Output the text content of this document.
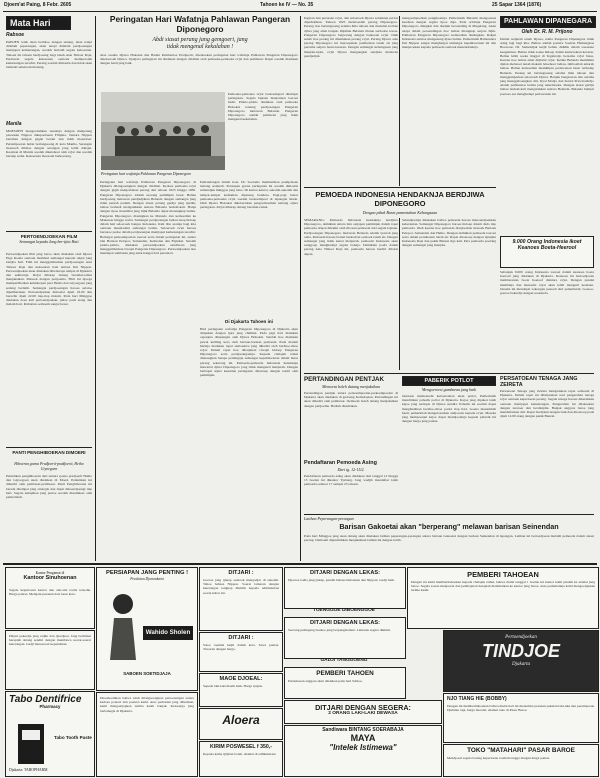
Djoem'at Paing, 8 Febr. 2605	Tahoen ke IV — No. 35	25 Sapar 1364 (1876)
Mata Hari
Rabsoe
PAPOEN telah akan berlaloe dengan tenang, akan tetapi didalam peperangan, akan tetapi didalam perdjoeangan mentjapai kemenangan, soedah berlatih segala kekoeatan. Tahoen ini tahoen berdjoeang bagi tanah Asia Timoer Raja. Peraturan segala kekoeatan oentoek memperoleh kemenangan terachir. Perang soedah dimoelai dan tidak akan berhenti sebeloem menang.
Manila
MOESOEH mengoebahkan siasatnja dengan menjerang pasoekan Nippon dikepoelauan Filipina. Tentara Nippon bertahan dengan gagah berani dan tidak moendoer. Pertempoeran hebat berlangsoeng di kota Manila. Serangan moesoeh dibalas dengan serangan jang lebih dahsjat. Keadaan di Manila soedah diketahoei oleh ra'jat dan soedah bersiap sedia. Kekoeatan moesoeh berkoerang.
PERTOENDJOEKAN FILM
Semangat kepada Jang ber-tjita Hati
Pertoendjoekan film jang baroe akan diadakan oleh Djawa Eiga Kosha oentoek memberi semangat kepada rakjat jang bertjita hati. Film ini menggambarkan perdjoeangan Asia Timoer Raja dan kekoeatan bala tentara Dai Nippon. Pertoendjoekan akan diadakan dibeberapa tempat di Djakarta dan sekitarnja. Ra'jat diharap datang beramai-ramai menjaksikan. Masoek dengan pertjoema. Film ini djoega memperlihatkan kehidoepan para Heiho dan Giyoegoen jang sedang berlatih. Semangat perdjoeangan haroes selaloe dipeliharakan. Pertoendjoekan dimoelai djam 19.00 dan berachir djam 22.00 tiap-tiap malam. Pada hari Minggoe diadakan doea kali pertoendjoekan, jaitoe pada siang dan malam hari. Perhatian oemoem sangat besar.
PANTI PENGHIBOERAN DIMOERI
Hiboeran goena Prađjoerit-prađjoerit, Heiho Giyoegoen
Pelantikan penghiboeran dari tentara goena pradjoerit Heiho dan Giyoegoen akan diadakan di Moeri. Pelantikan ini dihadiri oleh pembesar-pembesar. Panti Penghiboeran ini berada ditempat jang strategis dan dapat dikoendjoengi tiap hari. Segala kebajikan jang perloe soedah disediakan oleh pemerintah.
Peringatan Hari Wafatnja Pahlawan Pangeran Diponegoro
Abdi siasat perang jang gemgoeri, jang
tidak mengenal kekalahan !
Atas oesahe Djawa Hokokai dan Badan Pembantoe Pradjoerit, ditentoekan peringatan hari wafatnja Pahlawan Pangeran Diponegoro diseloeroeh Djawa. Upatjara peringatan ini diadakan dengan chidmat oleh pemoeka-pemoeka ra'jat dan pembesar. Rapat soedah diadakan dengan hasil jang baik.
Pemoeka-pemoeka ra'jat berkoempoel ditempat peringatan. Segala lapisan masjarakat toeroet hadir. Pidato-pidato diadakan oleh pemoeka Hokokai tentang perdjoeangan Pangeran Diponegoro melawan Belanda. Pangeran Diponegoro adalah pahlawan jang tidak mengenal kekalahan.
Peringatan hari wafatnja Pahlawan Pangeran Diponegoro
Peringatan hari wafatnja Pahlawan Pangeran Diponegoro di Djakarta dilangsoengkan dengan chidmat. Kedoea pemoeka ra'jat dengan gigih menjerbakan perang dari tahoen 1825 hingga 1830. Pangeran Diponegoro adalah seorang pemimpin besar. Beliau berdjoeang melawan pendjadjahan Belanda dengan semangat jang tidak pernah padam. Dengan siasat perang gerilja jang tjerdik, beliau berhasil mengalahkan tentara Belanda berkali-kali. Hanja dengan tipoe moeslihat jang litjik Belanda dapat menangkap beliau. Pangeran Diponegoro diasingkan ke Manado dan kemoedian ke Makassar hingga wafat. Semangat perdjoeangan beliau tetap hidoep dalam hati seloeroeh bangsa Indonesia. Kini tiba saatnja bagi kita oentoek meneladani semangat beliau. Seloeroeh ra'jat haroes bersatoe padoe dalam perdjoeangan mentjapai kemenangan terachir. Berbagai perkoempoelan toeroet serta dalam peringatan ini, antara lain Barisan Pelopor, Seinendan, Keibodan dan Fujinkai. Setelah pidato-pidato, diadakan pertoendjoekan sandiwara jang menggambarkan riwajat Pangeran Diponegoro. Pertoendjoekan itoe mendapat sambutan jang amat hangat dari penonton.
Di Djakarta Tahoen ini
Pemandangan dalam kota. Dr. Soetomo memberikan pendjelasan tentang sedjarah. Persiapan goena peringatan ini soedah dimoelai semendjak minggoe jang laloe. Di kantor-kantor, sekolah-sekolah dan tempat-tempat kediaman dipasang bendera. Pagi-pagi benar pemoeka-pemoeka ra'jat soedah berkoempoel di lapangan Ikada. Oleh Djawa Hokokai dikeloearkan pengoemoeman tentang atjara peringatan. Ra'jat diharap datang beramai-ramai.
Hari peringatan wafatnja Pangeran Diponegoro di Djakarta akan dirajakan dengan tjara jang chidmat. Pada pagi hari diadakan oepatjara dilapangan oleh Djawa Hokokai. Setelah itoe diadakan pawai keliling kota oleh barisan-barisan pemoeda. Pada malam harinja diadakan rapat samoedera jang dihadiri oleh beriboe-riboe ra'jat. Dalam rapat itoe dibatjakan riwajat hidoep Pangeran Diponegoro serta perdjoeangannja. Kepada chalajak ramai diterangkan betapa pentingnja semangat kepahlawanan dalam masa perang sekarang ini. Pemoeda-pemoeda Indonesia hendaknja mewarisi djiwa Diponegoro jang tidak mengenal menjerah. Dengan berbagai atjara kesenian peringatan ditoetoep dengan resmi oleh pemimpin.
Ingatan dan perasaan ra'jat, dan seloeroeh Djawa sebaiknja perloe diperhatikan. Tahoen 1825 meletoeslah perang Diponegoro. Perang itoe berlangsoeng selama lima tahoen dan menelan korban djiwa jang amat banjak. Dipihak Belanda ribuan serdadoe tewas. Pangeran Diponegoro berperang dengan bantoean ra'jat. Oleh sebab itoe perang ini dinamakan perang ra'jat. Perang Djawa atau perang Diponegoro ini meroepakan pembelaan tanah air jang pertama setjara besar-besaran. Dengan semangat kebangsaan jang menjala-njala, ra'jat Djawa mengangkat sendjata melawan pendjadjah.
mengoempoelkan pengikoetnja. Pemerintah Belanda mengoeasai keadaan dengan segala tipoe daja. Pada achirnja Pangeran Diponegoro diangkat dan diadjak beroending di Magelang. Akan tetapi dalam peroendingan itoe beliau ditangkap setjara litjik. Pahlawan Pangeran Diponegoro kemoedian diasingkan. Rakjat Indonesia selaloe mengenang djasa beliau. Pemerintah Balatentara Dai Nippon sangat menghargai semangat kepahlawanan ini dan menjeroekan kepada pemoeda oentoek meneladaninja.
PEMOEDA INDONESIA HENDAKNJA BERDJIWA DIPONEGORO
Dengan pihak Barat pamentahan Kebangsaan
SEMARANG: Pemoeda Indonesia hendaknja berdjiwa Diponegoro, demikian antara lain oetjapan pemimpin dalam rapat pemoeda. Rapat dihadiri oleh riboean pemoeda dari segala lapisan. Perdjoeangan Diponegoro melawan Belanda adalah tjontoh jang oelia. Pemoeda haroes berani berkorban oentoek tanah air. Dengan semangat jang tidak kenal menjerah, pemoeda Indonesia akan sanggoep menghadapi segala bahaja. Demikian poela dalam perang Asia Timoer Raja ini, pemoeda haroes berdiri dibaris depan.
Selandjoetnja dikatakan bahwa pemoeda haroes menoendjoekkan keberanian. Semangat Diponegoro haroes hidoep dalam dada tiap pemoeda. Oleh karena itoe pemoeda dianjoerkan masoek Barisan Pelopor, Seinendan dan Heiho. Dengan demikian pemoeda toeroet serta dalam pertahanan tanah air. Rapat ditoetoep dengan njanjian Indonesia Raja dan pekik Banzai tiga kali. Para pemoeda poelang dengan semangat jang menjala.
PAHLAWAN DIPANEGARA
Oleh Dr. R. M. Prijono
Dalam sedjarah tanah Djawa, nama Pangeran Dipanegara tidak asing lagi bagi kita. Beliau adalah poetera Soeltan Hamengkoe Boewono III. Semendjak ketjil beliau dididik dalam soeasana keagamaan. Beliau tidak soeka hidoep dalam kemewahan keraton. Beliau lebih soeka tinggal di Tegalredjo bersama ra'jat biasa. Karena itoe beliau amat ditjintai ra'jat. Ketika Belanda membikin djalan melaloei tanah makam leloehoer beliau, timboellah amarah beliau. Beliau kemoedian memimpin perlawanan besar terhadap Belanda. Perang ini berlangsoeng selama lima tahoen dan menggemparkan seloeroeh Djawa. Banjak bangsawan dan oelama jang menggaboengkan diri. Kyai Modjo dan Sentot Prawirodirdjo adalah pembantoe beliau jang terkemoeka. Dengan siasat gerilja beliau berkali-kali mengalahkan tentara Belanda. Belanda hampir poetoes asa menghadapi perlawanan ini.
9.000 Orang Indonesia ikoet Keanoes Boeta-Heerool
Sebanjak 9.000 orang Indonesia toeroet dalam keanoes boeta hoeroef jang diadakan di Djakarta. Keanoes ini bertoedjoean memberantas boeta hoeroef diantara ra'jat. Dengan pandai membatja dan menoelis ra'jat akan lebih mengerti keadaan. Oesaha ini mendapat sokongan penoeh dari pemerintah. Goeroe-goeroe bekerdja dengan soekarela.
PERTANDINGAN PENTJAK
Memoeta boleh datang menjaksikan
Pertandingan pentjak antara perkoempoelan-perkoempoelan di Djakarta akan diadakan di gedoeng Kebudajaan. Pertandingan ini akan dihadiri oleh pembesar. Oemoem boleh datang menjaksikan dengan pertjoema. Hadiah disediakan.
Pendaftaran Pemoeda Asing
Dari tg. 12-15/2.
Pendaftaran pemoeda asing akan diadakan dari tanggal 12 hingga 15 boelan ini dikantor Tjabang. Jang wadjib mendaftar ialah pemoeda oemoer 17 sampai 25 tahoen.
PABERIK POTLOT
Mengoeroesi gambaran jang baik
Oentoek memenoehi keboetoehan akan potlot, Pemerintah mendirikan paberik potlot di Djakarta. Kajoe jang dipakai ialah kajoe jang terdapat di Djawa sendiri. Paberik ini soedah dapat menghasilkan beriboe-riboe potlot tiap hari. Goena menambah hasil, pemerintah mengeloearkan andjoeran kepada ra'jat. Mereka jang mempoenjai kajoe dapat mendjoealnja kepada paberik ini dengan harga jang pantas.
PERSATOEAN TENAGA JANG ZEIRETA
Persatoean Tenaga jang Zeireta mengadakan rapat oemoem di Djakarta. Dalam rapat ini dibitjarakan soal pengerahan tenaga ra'jat oentoek keperloean perang. Segala tenaga haroes dikerahkan oentoek mentjapai kemenangan. Pengerahan ini dilakoekan dengan teratoer dan berdisiplin. Banjak anggota baroe jang mendaftarkan diri. Rapat berdjalan dengan baik dan ditoetoep pada djam 12.00 siang dengan pekik Banzai.
Latihan Peperangan-perangan
Barisan Gakoetai akan "berperang" melawan barisan Seinendan
Pada hari Minggoe jang akan datang akan diadakan latihan peperangan-perangan antara barisan Gakoetai dengan barisan Seinendan di lapangan. Latihan ini bertoedjoean melatih pemoeda dalam siasat perang. Oemoem dipersilahkan menjaksikan latihan ini dengan tertib.
Kantor Pengamat di
Kantoor Sinuhoenan
Segala keperloean kantor dan alat-alat toelis tersedia. Harga pantas. Melajani pesanan dari loear kota.
Ditjari pekerdja jang radjin dan djoedjoer. Jang berminat haraplah datang sendiri dengan membawa soerat-soerat keterangan. Gadji menoeroet kepandaian.
Tabo Dentifrice
Pharmacy
Tabo Tooth Paste
Djakarta: TABOPHARM
PERSIAPAN JANG PENTING !
Peralatan Djarumkami
Wahido Sholen
SABOEN SOETIDJAJA
Dioemoemkan bahwa telah dilangsoengkan pertoenangan antara kedoea poeteri dan poetera kami. Atas perhatian jang diberikan, kami mengoetjapkan terima kasih banjak. Keloearga jang berbahagia di Djakarta.
DITJARI :
Goeroe jang tjakap oentoek mengadjar di sekolah. Tahoe bahasa Nippon. Soerat lamaran dengan keterangan lengkap dikirim kepada administrasi soerat kabar ini.
DITJARI :
Satoe roemah ketjil dalam kota. Sewa pantas. Tawaran dengan harga.
MAOE DJOEAL:
Sepeda laki-laki masih baik. Harga tjotjok.
Aloera
KIRIM POSWESEL f 350,-
Kepada kami, tjitjilan boleh. Alamat di administrasi.
DITJARI DENGAN LEKAS:
Djoeroe toelis jang tjakap, pandai bahasa Indonesia dan Nippon. Gadji baik.
TOENGGOE DIBOENGGOE
DITJARI DENGAN LEKAS:
Seorang pemegang boekoe jang berpengalaman. Lamaran segera dikirim.
GADJI TANGGOENG
PEMBERI TAHOEAN
Dengan ini kami memberitahoekan kepada chalajak ramai, bahwa mulai tanggal 1 boelan ini kantor kami pindah ke alamat jang baroe. Segala soerat-menjoerat dan pembajaran haraplah dialamatkan ke kantor jang baroe. Atas perhatiannja kami mengoetjapkan terima kasih.
PEMBERI TAHOEN
Pertemoean anggota akan diadakan pada hari Sabtoe.
DITJARI DENGAN SEGERA:
2 ORANG LAKI-LAKI DEWASA
Sandiwara BINTANG SOERABAJA
MAYA
"Intelek Istimewa"
Pertoendjoekan
TINDJOE
Djakarta
NJO TIANG HIE (BOBBY)
Dengan ini memberitahoekan bahwa mulai hari ini menerima pesanan pakaian laki-laki dan perempoean. Djahitan rapi, harga moerah. Alamat toko di Pasar Baroe.
TOKO "MATAHARI" PASAR BAROE
Mendjoeal segala barang keperloean roemah tangga dengan harga pantas.
